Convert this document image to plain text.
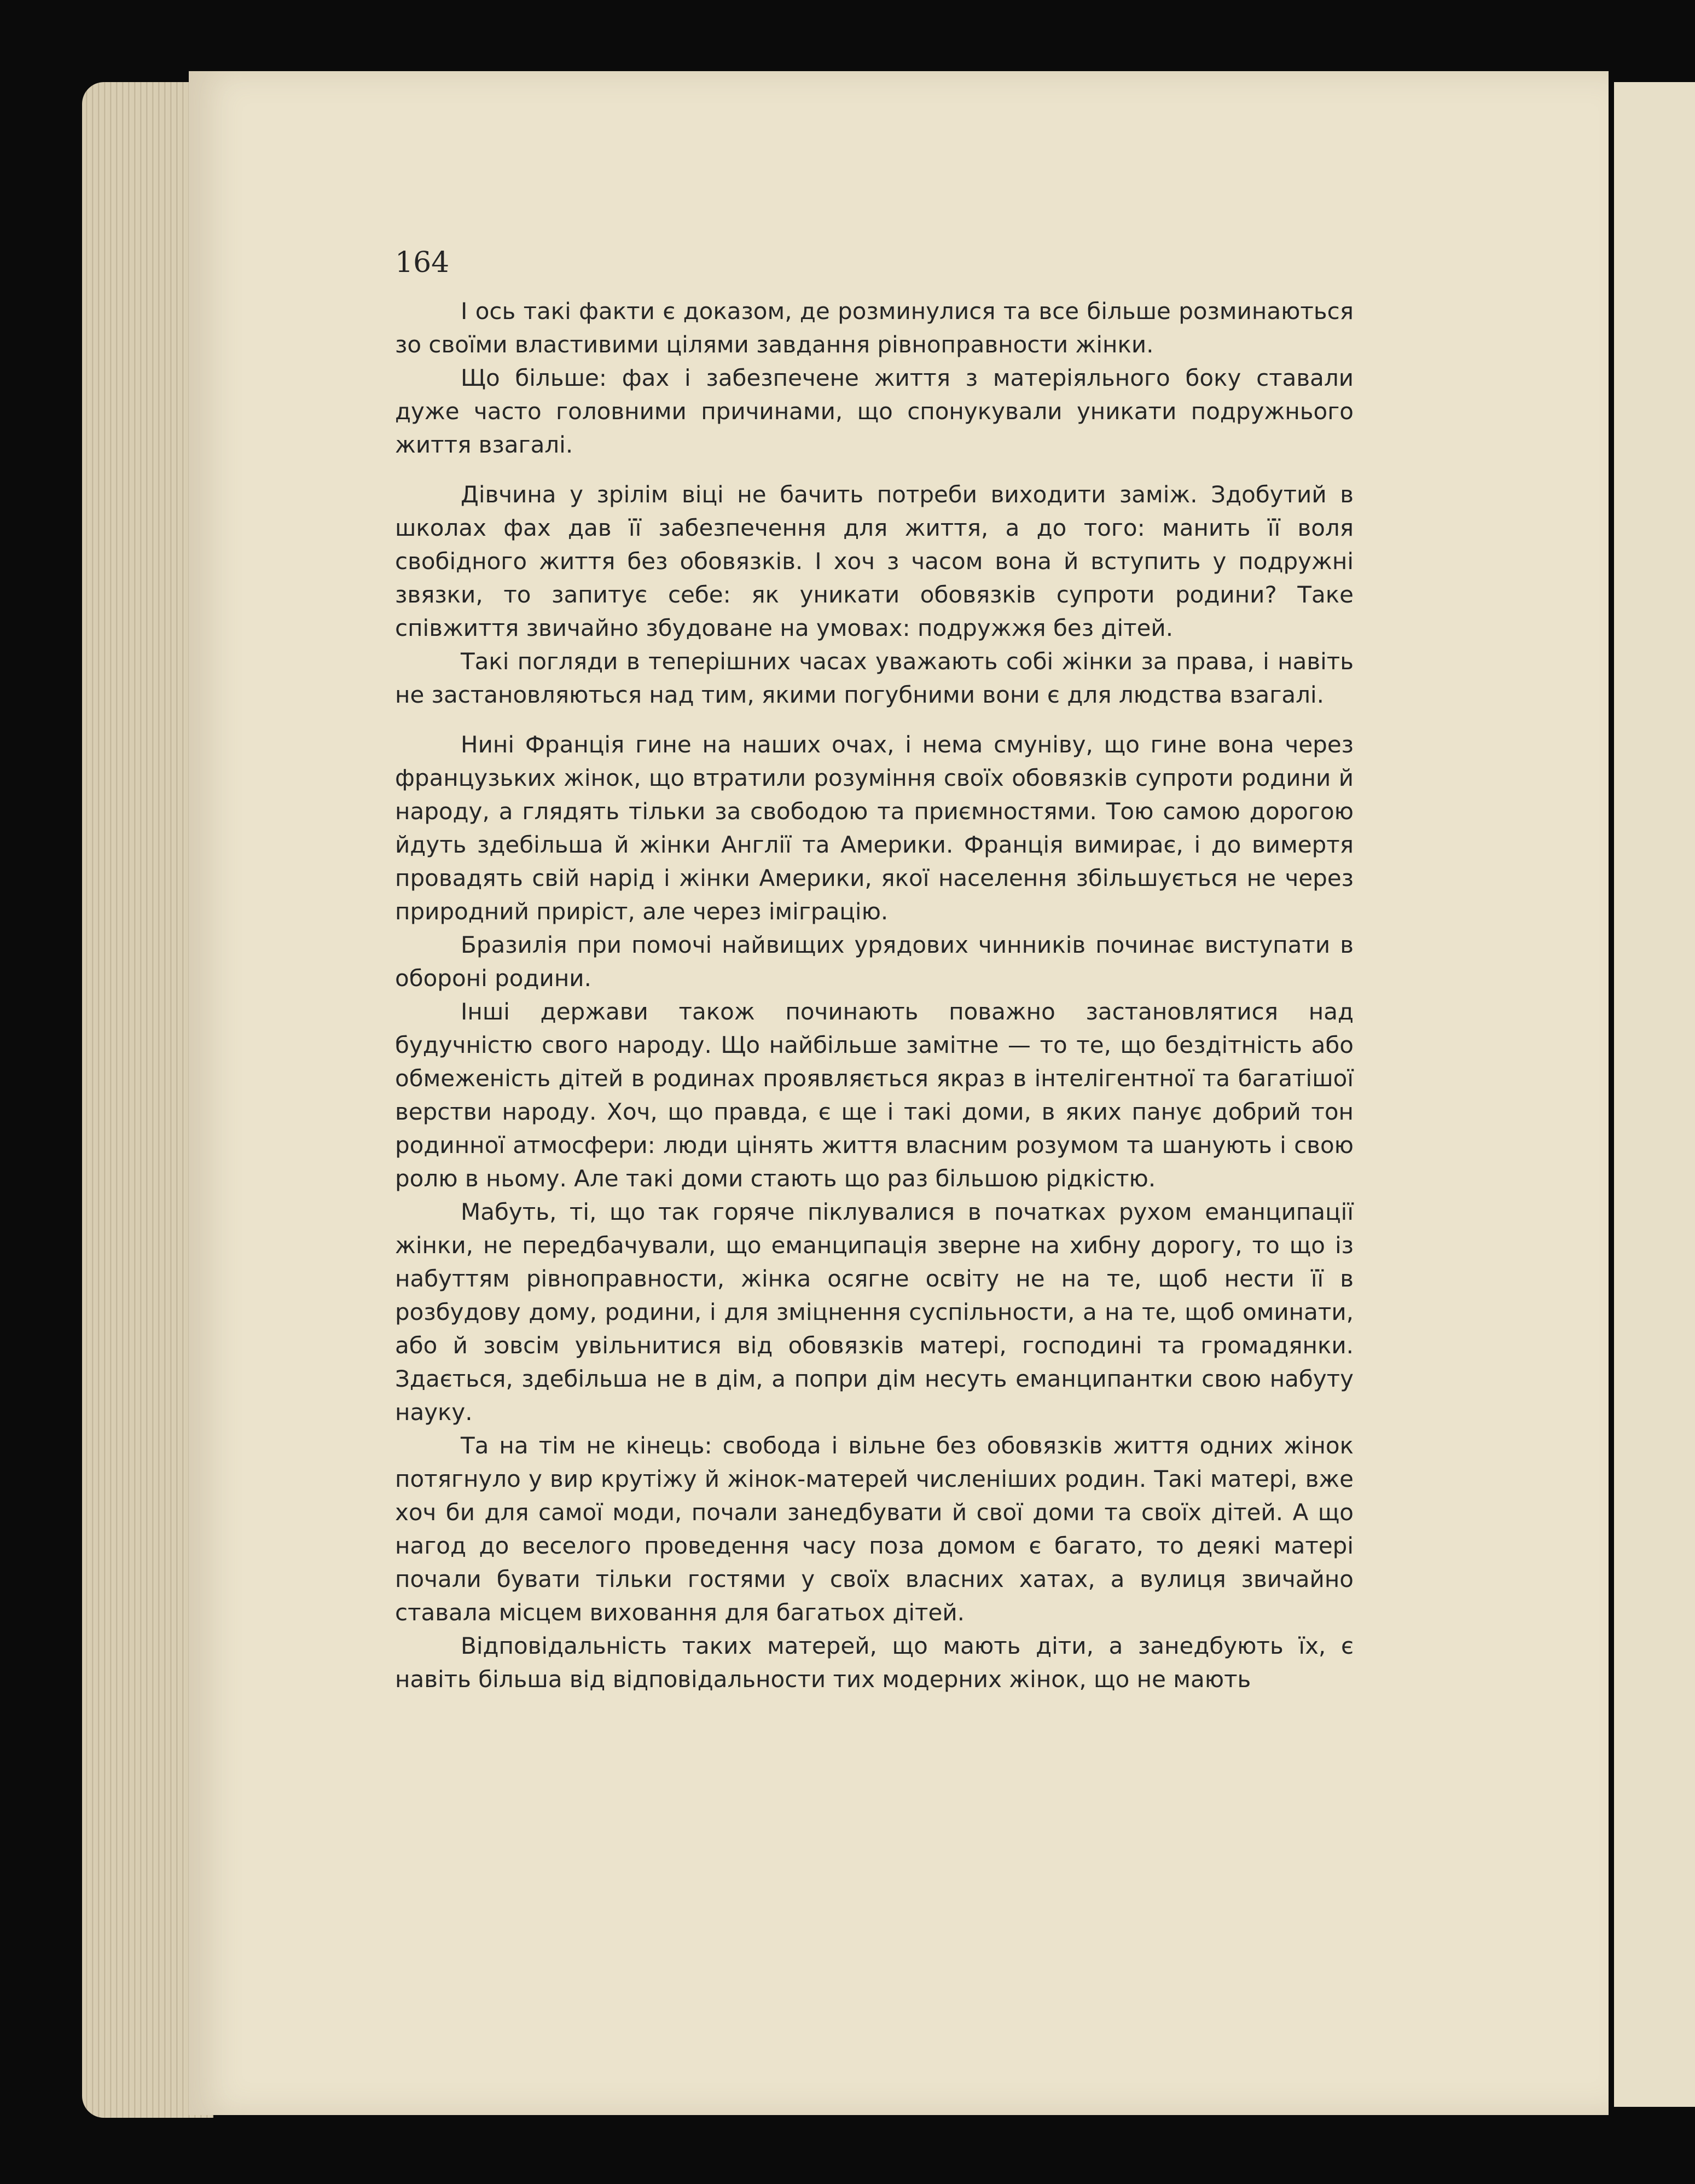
164

І ось такі факти є доказом, де розминулися та все більше розминаються зо своїми властивими цілями завдання рівноправности жінки.

Що більше: фах і забезпечене життя з матеріяльного боку ставали дуже часто головними причинами, що спонукували уникати подружнього життя взагалі.

Дівчина у зрілім віці не бачить потреби виходити заміж. Здобутий в школах фах дав її забезпечення для життя, а до того: манить її воля свобідного життя без обовязків. І хоч з часом вона й вступить у подружні звязки, то запитує себе: як уникати обовязків супроти родини? Таке співжиття звичайно збудоване на умовах: подружжя без дітей.

Такі погляди в теперішних часах уважають собі жінки за права, і навіть не застановляються над тим, якими погубними вони є для людства взагалі.

Нині Франція гине на наших очах, і нема смуніву, що гине вона через французьких жінок, що втратили розуміння своїх обовязків супроти родини й народу, а глядять тільки за свободою та приємностями. Тою самою дорогою йдуть здебільша й жінки Англії та Америки. Франція вимирає, і до вимертя провадять свій нарід і жінки Америки, якої населення збільшується не через природний приріст, але через іміграцію.

Бразилія при помочі найвищих урядових чинників починає виступати в обороні родини.

Інші держави також починають поважно застановлятися над будучністю свого народу. Що найбільше замітне — то те, що бездітність або обмеженість дітей в родинах проявляється якраз в інтелігентної та багатішої верстви народу. Хоч, що правда, є ще і такі доми, в яких панує добрий тон родинної атмосфери: люди цінять життя власним розумом та шанують і свою ролю в ньому. Але такі доми стають що раз більшою рідкістю.

Мабуть, ті, що так горяче піклувалися в початках рухом еманципації жінки, не передбачували, що еманципація зверне на хибну дорогу, то що із набуттям рівноправности, жінка осягне освіту не на те, щоб нести її в розбудову дому, родини, і для зміцнення суспільности, а на те, щоб оминати, або й зовсім увільнитися від обовязків матері, господині та громадянки. Здається, здебільша не в дім, а попри дім несуть еманципантки свою набуту науку.

Та на тім не кінець: свобода і вільне без обовязків життя одних жінок потягнуло у вир крутіжу й жінок-матерей численіших родин. Такі матері, вже хоч би для самої моди, почали занедбувати й свої доми та своїх дітей. А що нагод до веселого проведення часу поза домом є багато, то деякі матері почали бувати тільки гостями у своїх власних хатах, а вулиця звичайно ставала місцем виховання для багатьох дітей.

Відповідальність таких матерей, що мають діти, а занедбують їх, є навіть більша від відповідальности тих модерних жінок, що не мають
